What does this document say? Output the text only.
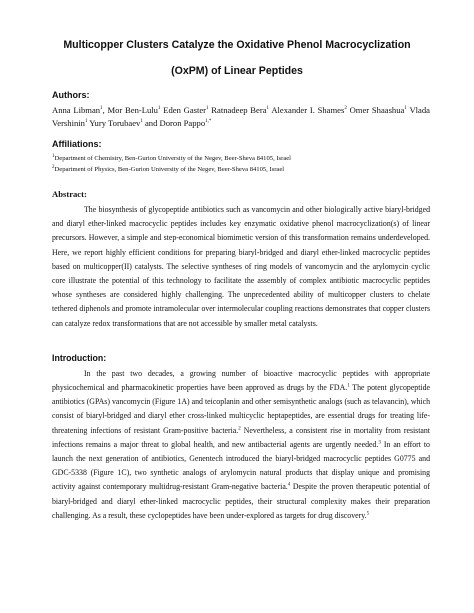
Multicopper Clusters Catalyze the Oxidative Phenol Macrocyclization (OxPM) of Linear Peptides
Authors:
Anna Libman$^1$, Mor Ben-Lulu$^1$ Eden Gaster$^1$ Ratnadeep Bera$^1$ Alexander I. Shames$^2$ Omer Shaashua$^1$ Vlada Vershinin$^1$ Yury Torubaev$^1$ and Doron Pappo$^{1,*}$
Affiliations:
$^1$Department of Chemistry, Ben-Gurion University of the Negev, Beer-Sheva 84105, Israel
$^2$Department of Physics, Ben-Gurion University of the Negev, Beer-Sheva 84105, Israel
Abstract:

The biosynthesis of glycopeptide antibiotics such as vancomycin and other biologically active biaryl-bridged and diaryl ether-linked macrocyclic peptides includes key enzymatic oxidative phenol macrocyclization(s) of linear precursors. However, a simple and step-economical biomimetic version of this transformation remains underdeveloped. Here, we report highly efficient conditions for preparing biaryl-bridged and diaryl ether-linked macrocyclic peptides based on multicopper(II) catalysts. The selective syntheses of ring models of vancomycin and the arylomycin cyclic core illustrate the potential of this technology to facilitate the assembly of complex antibiotic macrocyclic peptides whose syntheses are considered highly challenging. The unprecedented ability of multicopper clusters to chelate tethered diphenols and promote intramolecular over intermolecular coupling reactions demonstrates that copper clusters can catalyze redox transformations that are not accessible by smaller metal catalysts.

Introduction:

In the past two decades, a growing number of bioactive macrocyclic peptides with appropriate physicochemical and pharmacokinetic properties have been approved as drugs by the FDA.$^1$ The potent glycopeptide antibiotics (GPAs) vancomycin (Figure 1A) and teicoplanin and other semisynthetic analogs (such as telavancin), which consist of biaryl-bridged and diaryl ether cross-linked multicyclic heptapeptides, are essential drugs for treating life-threatening infections of resistant Gram-positive bacteria.$^2$ Nevertheless, a consistent rise in mortality from resistant infections remains a major threat to global health, and new antibacterial agents are urgently needed.$^3$ In an effort to launch the next generation of antibiotics, Genentech introduced the biaryl-bridged macrocyclic peptides G0775 and GDC-5338 (Figure 1C), two synthetic analogs of arylomycin natural products that display unique and promising activity against contemporary multidrug-resistant Gram-negative bacteria.$^4$ Despite the proven therapeutic potential of biaryl-bridged and diaryl ether-linked macrocyclic peptides, their structural complexity makes their preparation challenging. As a result, these cyclopeptides have been under-explored as targets for drug discovery.$^5$
